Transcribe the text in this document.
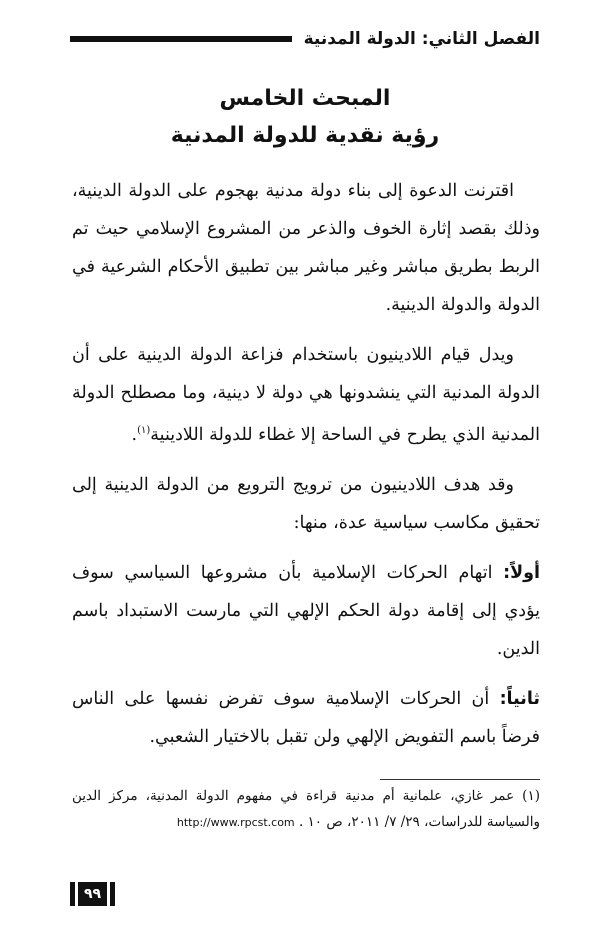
الفصل الثاني: الدولة المدنية
المبحث الخامس
رؤية نقدية للدولة المدنية

اقترنت الدعوة إلى بناء دولة مدنية بهجوم على الدولة الدينية، وذلك بقصد إثارة الخوف والذعر من المشروع الإسلامي حيث تم الربط بطريق مباشر وغير مباشر بين تطبيق الأحكام الشرعية في الدولة والدولة الدينية.

ويدل قيام اللادينيون باستخدام فزاعة الدولة الدينية على أن الدولة المدنية التي ينشدونها هي دولة لا دينية، وما مصطلح الدولة المدنية الذي يطرح في الساحة إلا غطاء للدولة اللادينية$^{(١)}$.

وقد هدف اللادينيون من ترويج الترويع من الدولة الدينية إلى تحقيق مكاسب سياسية عدة، منها:

أولاً: اتهام الحركات الإسلامية بأن مشروعها السياسي سوف يؤدي إلى إقامة دولة الحكم الإلهي التي مارست الاستبداد باسم الدين.

ثانياً: أن الحركات الإسلامية سوف تفرض نفسها على الناس فرضاً باسم التفويض الإلهي ولن تقبل بالاختيار الشعبي.

(١) عمر غازي، علمانية أم مدنية قراءة في مفهوم الدولة المدنية، مركز الدين والسياسة للدراسات، ٢٩/ ٧/ ٢٠١١، ص ١٠ . http://www.rpcst.com
٩٩
